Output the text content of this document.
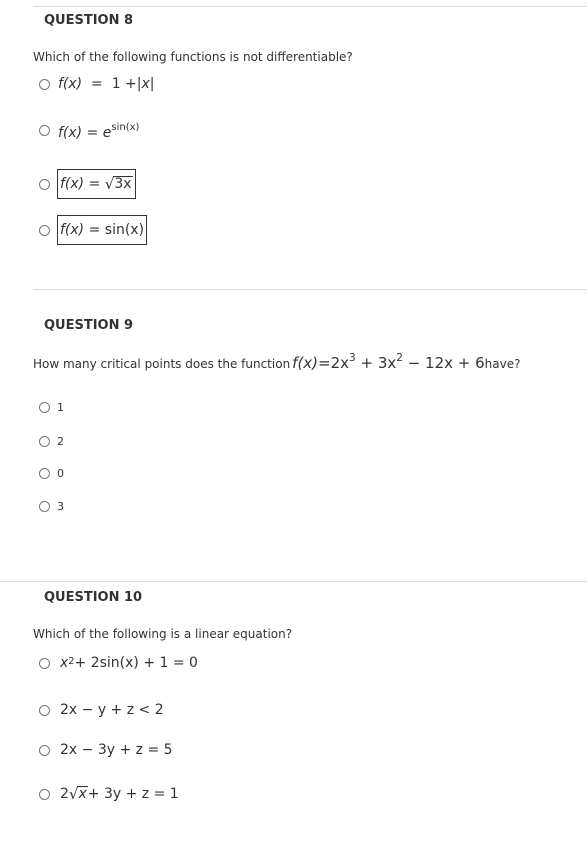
QUESTION 8
Which of the following functions is not differentiable?
f(x)
=
1 + | x |
f(x)
=
$e^{sin(x)}$
f(x)
=
√ 3x
f(x)
=
sin(x)
QUESTION 9
How many critical points does the function $f(x)=2x^3 + 3x^2 - 12x + 6$ have?
1
2
0
3
QUESTION 10
Which of the following is a linear equation?
$x^2 + 2\sin(x) + 1 = 0$
2x − y + z < 2
2x − 3y + z = 5
2 √ x + 3y + z = 1
